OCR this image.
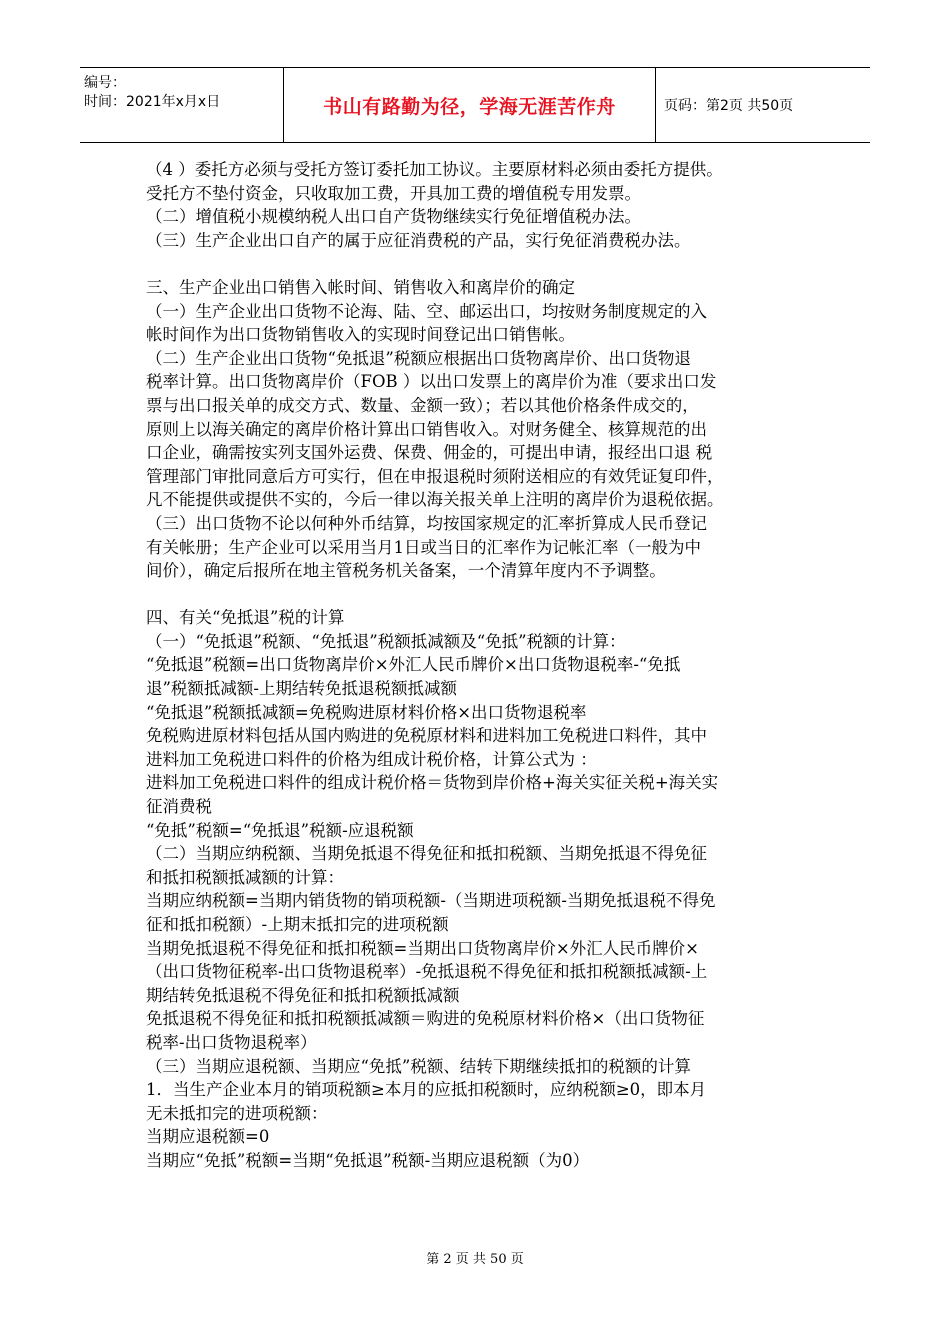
编号：
时间：2021年x月x日	书山有路勤为径，学海无涯苦作舟	页码：第2页 共50页

（4 ）委托方必须与受托方签订委托加工协议。主要原材料必须由委托方提供。

受托方不垫付资金，只收取加工费，开具加工费的增值税专用发票。

（二）增值税小规模纳税人出口自产货物继续实行免征增值税办法。

（三）生产企业出口自产的属于应征消费税的产品，实行免征消费税办法。

三、生产企业出口销售入帐时间、销售收入和离岸价的确定

（一）生产企业出口货物不论海、陆、空、邮运出口，均按财务制度规定的入

帐时间作为出口货物销售收入的实现时间登记出口销售帐。

（二）生产企业出口货物“免抵退”税额应根据出口货物离岸价、出口货物退

税率计算。出口货物离岸价（FOB ）以出口发票上的离岸价为准（要求出口发

票与出口报关单的成交方式、数量、金额一致）；若以其他价格条件成交的，

原则上以海关确定的离岸价格计算出口销售收入。对财务健全、核算规范的出

口企业，确需按实列支国外运费、保费、佣金的，可提出申请，报经出口退 税

管理部门审批同意后方可实行，但在申报退税时须附送相应的有效凭证复印件，

凡不能提供或提供不实的，今后一律以海关报关单上注明的离岸价为退税依据。

（三）出口货物不论以何种外币结算，均按国家规定的汇率折算成人民币登记

有关帐册；生产企业可以采用当月1日或当日的汇率作为记帐汇率（一般为中

间价），确定后报所在地主管税务机关备案，一个清算年度内不予调整。

四、有关“免抵退”税的计算

（一）“免抵退”税额、“免抵退”税额抵减额及“免抵”税额的计算：

“免抵退”税额=出口货物离岸价×外汇人民币牌价×出口货物退税率-“免抵

退”税额抵减额-上期结转免抵退税额抵减额

“免抵退”税额抵减额=免税购进原材料价格×出口货物退税率

免税购进原材料包括从国内购进的免税原材料和进料加工免税进口料件，其中

进料加工免税进口料件的价格为组成计税价格，计算公式为 ：

进料加工免税进口料件的组成计税价格＝货物到岸价格+海关实征关税+海关实

征消费税

“免抵”税额=“免抵退”税额-应退税额

（二）当期应纳税额、当期免抵退不得免征和抵扣税额、当期免抵退不得免征

和抵扣税额抵减额的计算：

当期应纳税额=当期内销货物的销项税额-（当期进项税额-当期免抵退税不得免

征和抵扣税额）-上期末抵扣完的进项税额

当期免抵退税不得免征和抵扣税额=当期出口货物离岸价×外汇人民币牌价×

（出口货物征税率-出口货物退税率）-免抵退税不得免征和抵扣税额抵减额-上

期结转免抵退税不得免征和抵扣税额抵减额

免抵退税不得免征和抵扣税额抵减额＝购进的免税原材料价格×（出口货物征

税率-出口货物退税率）

（三）当期应退税额、当期应“免抵”税额、结转下期继续抵扣的税额的计算

1．当生产企业本月的销项税额≥本月的应抵扣税额时，应纳税额≥0，即本月

无未抵扣完的进项税额：

当期应退税额=0

当期应“免抵”税额=当期“免抵退”税额-当期应退税额（为0）

第 2 页 共 50 页
